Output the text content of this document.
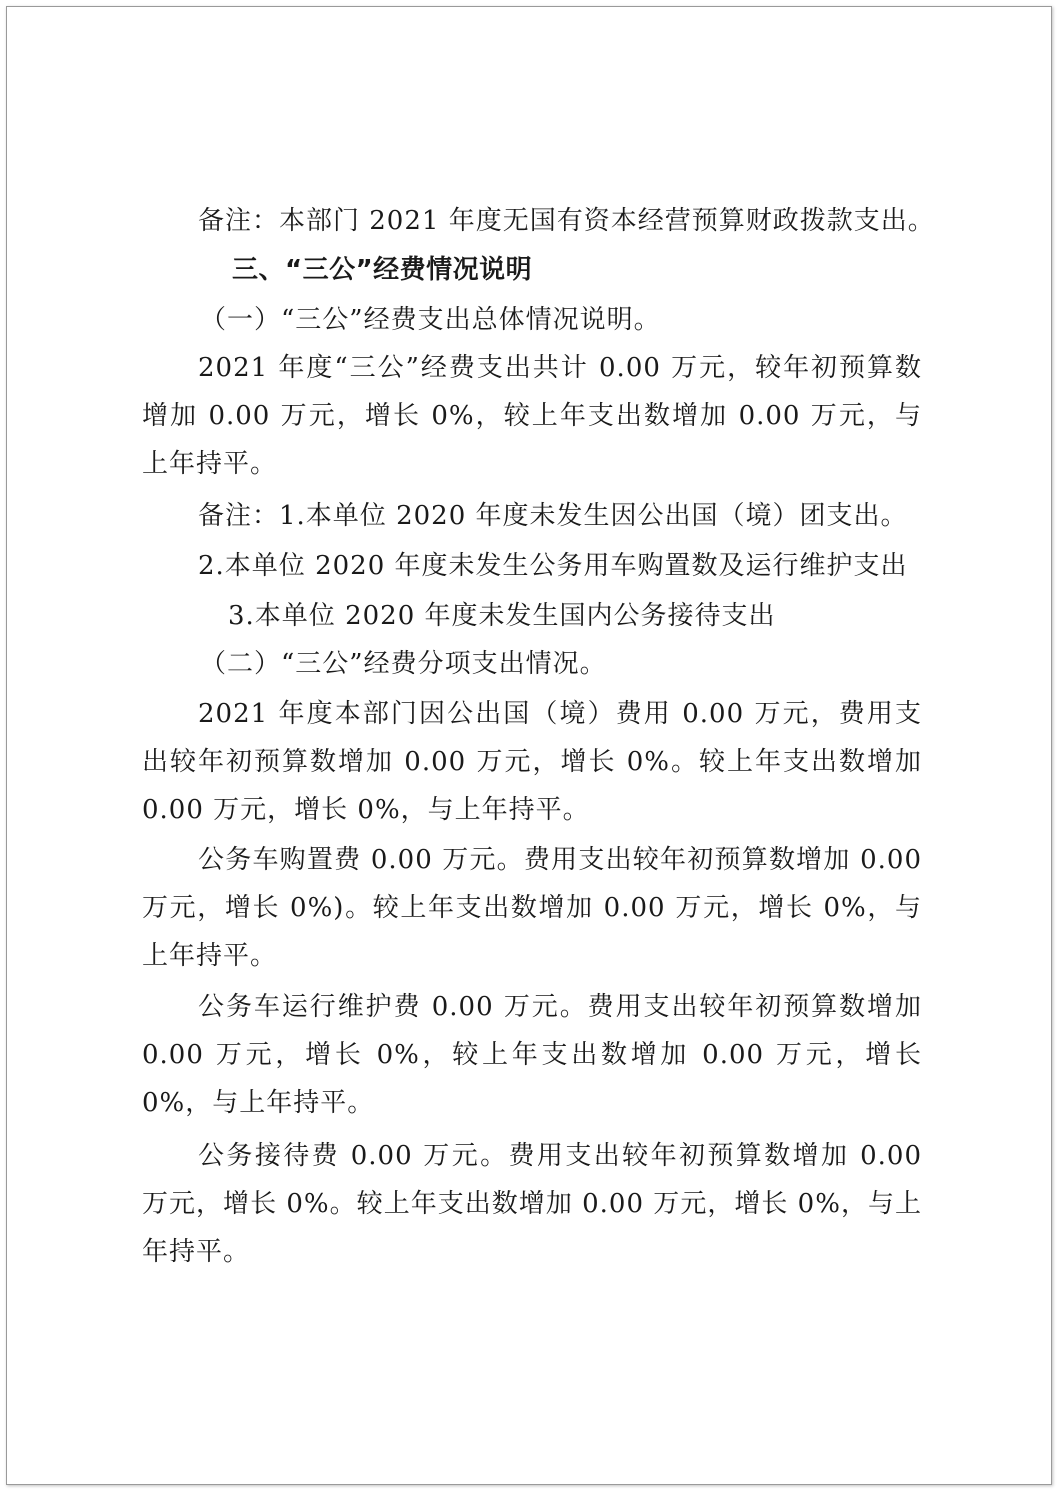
备注：本部门 2021 年度无国有资本经营预算财政拨款支出。
三、“三公”经费情况说明
（一）“三公”经费支出总体情况说明。
2021 年度“三公”经费支出共计 0.00 万元，较年初预算数增加 0.00 万元，增长 0%，较上年支出数增加 0.00 万元，与上年持平。
备注：1.本单位 2020 年度未发生因公出国（境）团支出。
2.本单位 2020 年度未发生公务用车购置数及运行维护支出
3.本单位 2020 年度未发生国内公务接待支出
（二）“三公”经费分项支出情况。
2021 年度本部门因公出国（境）费用 0.00 万元，费用支出较年初预算数增加 0.00 万元，增长 0%。较上年支出数增加 0.00 万元，增长 0%，与上年持平。
公务车购置费 0.00 万元。费用支出较年初预算数增加 0.00 万元，增长 0%)。较上年支出数增加 0.00 万元，增长 0%，与上年持平。
公务车运行维护费 0.00 万元。费用支出较年初预算数增加 0.00 万元，增长 0%，较上年支出数增加 0.00 万元，增长 0%，与上年持平。
公务接待费 0.00 万元。费用支出较年初预算数增加 0.00 万元，增长 0%。较上年支出数增加 0.00 万元，增长 0%，与上年持平。
